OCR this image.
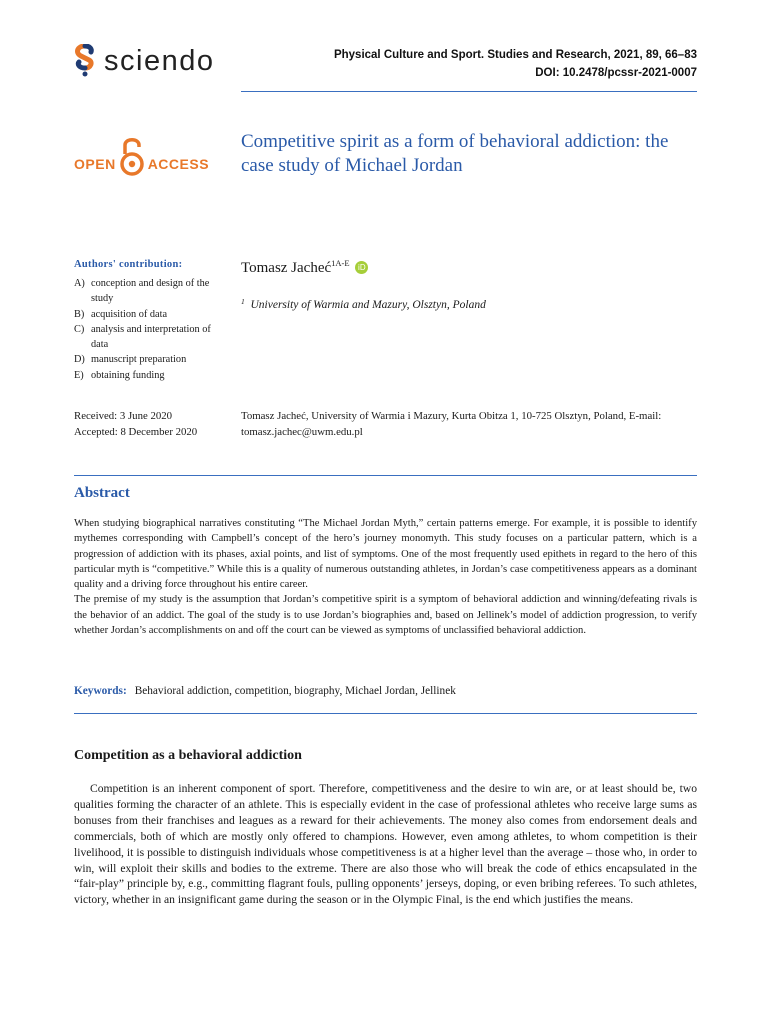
sciendo	Physical Culture and Sport. Studies and Research, 2021, 89, 66–83
DOI: 10.2478/pcssr-2021-0007
OPEN ACCESS
Competitive spirit as a form of behavioral addiction: the case study of Michael Jordan
Authors' contribution:
A) conception and design of the study
B) acquisition of data
C) analysis and interpretation of data
D) manuscript preparation
E) obtaining funding
Tomasz Jacheć$^{1A-E}$ iD
$^1$ University of Warmia and Mazury, Olsztyn, Poland
Received: 3 June 2020
Accepted: 8 December 2020
Tomasz Jacheć, University of Warmia i Mazury, Kurta Obitza 1, 10-725 Olsztyn, Poland, E-mail: tomasz.jachec@uwm.edu.pl
Abstract

When studying biographical narratives constituting “The Michael Jordan Myth,” certain patterns emerge. For example, it is possible to identify mythemes corresponding with Campbell’s concept of the hero’s journey monomyth. This study focuses on a particular pattern, which is a progression of addiction with its phases, axial points, and list of symptoms. One of the most frequently used epithets in regard to the hero of this particular myth is “competitive.” While this is a quality of numerous outstanding athletes, in Jordan’s case competitiveness appears as a dominant quality and a driving force throughout his entire career.

The premise of my study is the assumption that Jordan’s competitive spirit is a symptom of behavioral addiction and winning/defeating rivals is the behavior of an addict. The goal of the study is to use Jordan’s biographies and, based on Jellinek’s model of addiction progression, to verify whether Jordan’s accomplishments on and off the court can be viewed as symptoms of unclassified behavioral addiction.

Keywords: Behavioral addiction, competition, biography, Michael Jordan, Jellinek
Competition as a behavioral addiction

Competition is an inherent component of sport. Therefore, competitiveness and the desire to win are, or at least should be, two qualities forming the character of an athlete. This is especially evident in the case of professional athletes who receive large sums as bonuses from their franchises and leagues as a reward for their achievements. The money also comes from endorsement deals and commercials, both of which are mostly only offered to champions. However, even among athletes, to whom competition is their livelihood, it is possible to distinguish individuals whose competitiveness is at a higher level than the average – those who, in order to win, will exploit their skills and bodies to the extreme. There are also those who will break the code of ethics encapsulated in the “fair-play” principle by, e.g., committing flagrant fouls, pulling opponents’ jerseys, doping, or even bribing referees. To such athletes, victory, whether in an insignificant game during the season or in the Olympic Final, is the end which justifies the means.
